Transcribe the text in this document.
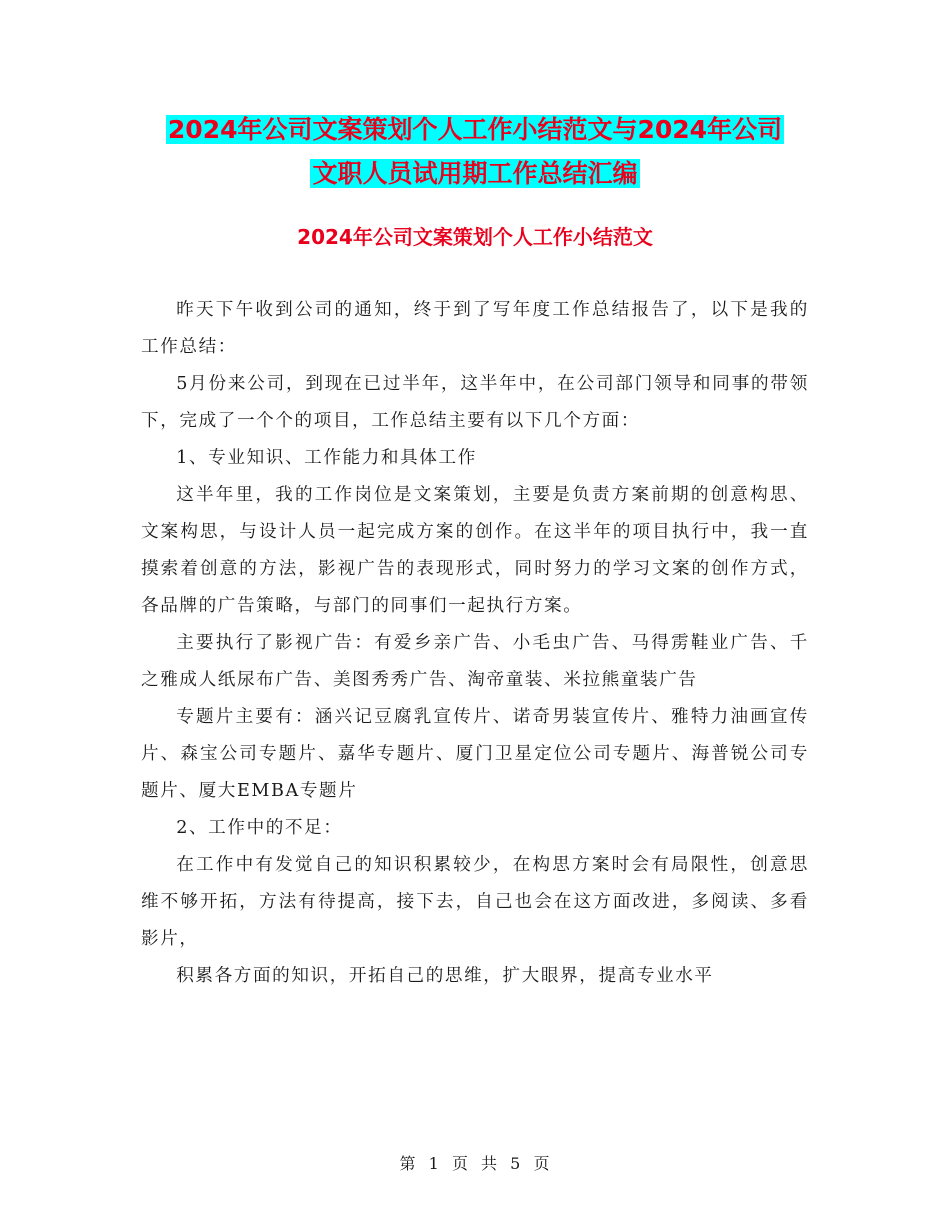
2024年公司文案策划个人工作小结范文与2024年公司
文职人员试用期工作总结汇编
2024年公司文案策划个人工作小结范文

昨天下午收到公司的通知，终于到了写年度工作总结报告了，以下是我的工作总结：

5月份来公司，到现在已过半年，这半年中，在公司部门领导和同事的带领下，完成了一个个的项目，工作总结主要有以下几个方面：

1、专业知识、工作能力和具体工作

这半年里，我的工作岗位是文案策划，主要是负责方案前期的创意构思、文案构思，与设计人员一起完成方案的创作。在这半年的项目执行中，我一直摸索着创意的方法，影视广告的表现形式，同时努力的学习文案的创作方式，各品牌的广告策略，与部门的同事们一起执行方案。

主要执行了影视广告：有爱乡亲广告、小毛虫广告、马得雳鞋业广告、千之雅成人纸尿布广告、美图秀秀广告、淘帝童装、米拉熊童装广告

专题片主要有：涵兴记豆腐乳宣传片、诺奇男装宣传片、雅特力油画宣传片、森宝公司专题片、嘉华专题片、厦门卫星定位公司专题片、海普锐公司专题片、厦大EMBA专题片

2、工作中的不足：

在工作中有发觉自己的知识积累较少，在构思方案时会有局限性，创意思维不够开拓，方法有待提高，接下去，自己也会在这方面改进，多阅读、多看影片，

积累各方面的知识，开拓自己的思维，扩大眼界，提高专业水平

第 1 页 共 5 页
